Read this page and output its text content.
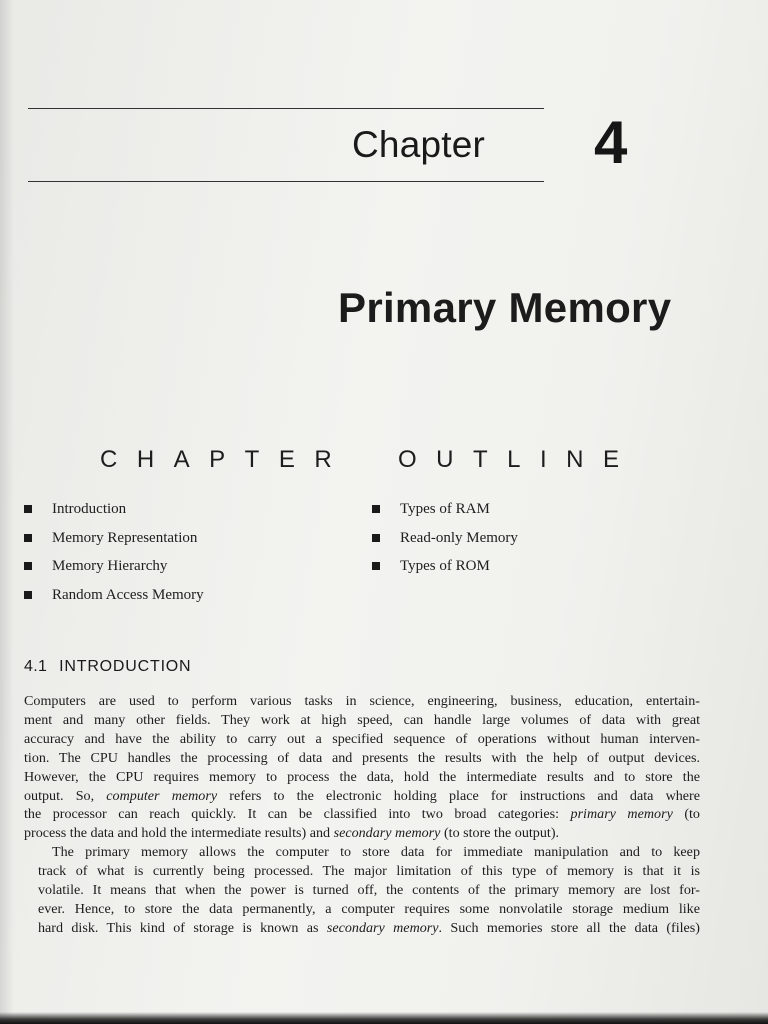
Chapter 4
Primary Memory
CHAPTER OUTLINE
Introduction
Memory Representation
Memory Hierarchy
Random Access Memory
Types of RAM
Read-only Memory
Types of ROM
4.1 INTRODUCTION

Computers are used to perform various tasks in science, engineering, business, education, entertain-
ment and many other fields. They work at high speed, can handle large volumes of data with great
accuracy and have the ability to carry out a specified sequence of operations without human interven-
tion. The CPU handles the processing of data and presents the results with the help of output devices.
However, the CPU requires memory to process the data, hold the intermediate results and to store the
output. So, computer memory refers to the electronic holding place for instructions and data where
the processor can reach quickly. It can be classified into two broad categories: primary memory (to
process the data and hold the intermediate results) and secondary memory (to store the output).

The primary memory allows the computer to store data for immediate manipulation and to keep
track of what is currently being processed. The major limitation of this type of memory is that it is
volatile. It means that when the power is turned off, the contents of the primary memory are lost for-
ever. Hence, to store the data permanently, a computer requires some nonvolatile storage medium like
hard disk. This kind of storage is known as secondary memory. Such memories store all the data (files)
